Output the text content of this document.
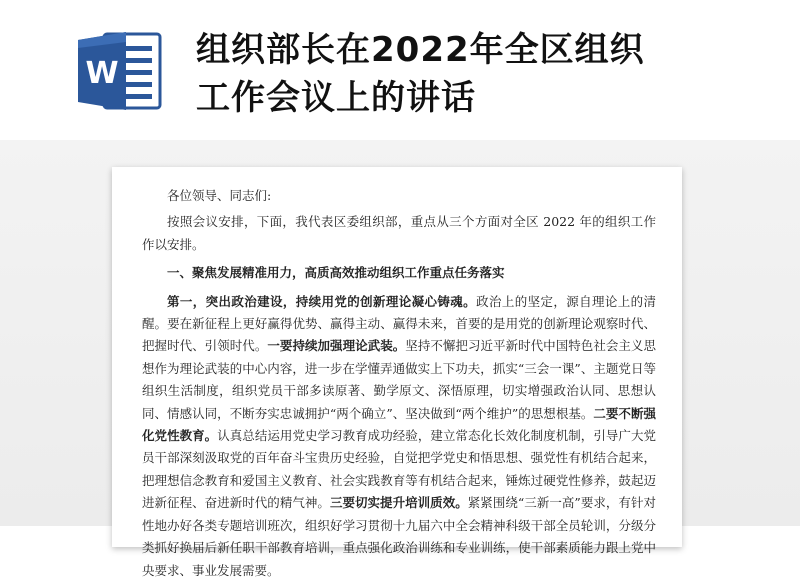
W
组织部长在2022年全区组织
工作会议上的讲话

各位领导、同志们:

按照会议安排，下面，我代表区委组织部，重点从三个方面对全区 2022 年的组织工作作以安排。

一、聚焦发展精准用力，高质高效推动组织工作重点任务落实

第一，突出政治建设，持续用党的创新理论凝心铸魂。政治上的坚定，源自理论上的清醒。要在新征程上更好赢得优势、赢得主动、赢得未来，首要的是用党的创新理论观察时代、把握时代、引领时代。一要持续加强理论武装。坚持不懈把习近平新时代中国特色社会主义思想作为理论武装的中心内容，进一步在学懂弄通做实上下功夫，抓实“三会一课”、主题党日等组织生活制度，组织党员干部多读原著、勤学原文、深悟原理，切实增强政治认同、思想认同、情感认同，不断夯实忠诚拥护“两个确立”、坚决做到“两个维护”的思想根基。二要不断强化党性教育。认真总结运用党史学习教育成功经验，建立常态化长效化制度机制，引导广大党员干部深刻汲取党的百年奋斗宝贵历史经验，自觉把学党史和悟思想、强党性有机结合起来，把理想信念教育和爱国主义教育、社会实践教育等有机结合起来，锤炼过硬党性修养，鼓起迈进新征程、奋进新时代的精气神。三要切实提升培训质效。紧紧围绕“三新一高”要求，有针对性地办好各类专题培训班次，组织好学习贯彻十九届六中全会精神科级干部全员轮训，分级分类抓好换届后新任职干部教育培训，重点强化政治训练和专业训练，使干部素质能力跟上党中央要求、事业发展需要。
